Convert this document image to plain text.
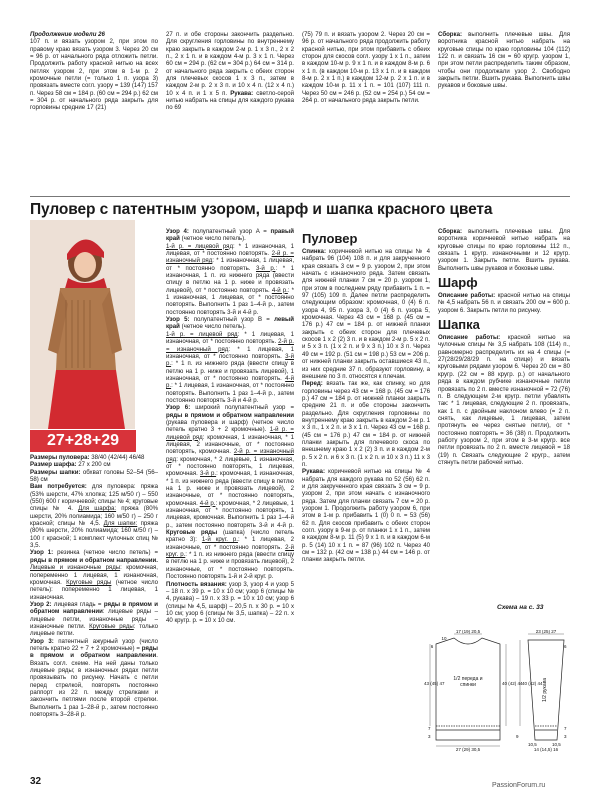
Продолжение модели 26

107 п. и вязать узором 2, при этом по правому краю вязать узором 3. Через 20 см = 96 р. от начального ряда отложить петли. Продолжить работу красной нитью на всех петлях узором 2, при этом в 1-м р. 2 кромочные петли (= только 1 п. узора 3) провязать вместе согл. узору = 139 (147) 157 п. Через 58 см = 184 р. (60 см = 294 р.) 62 см = 304 р. от начального ряда закрыть для горловины средние 17 (21)

27 п. и обе стороны закончить раздельно. Для скругления горловины по внутреннему краю закрыть в каждом 2-м р. 1 x 3 п., 2 x 2 п., 2 x 1 п. и в каждом 4-м р. 3 x 1 п. Через 60 см = 294 р. (62 см = 304 р.) 64 см = 314 р. от начального ряда закрыть с обеих сторон для плечевых скосов 1 x 3 п., затем в каждом 2-м р. 2 x 3 п. и 10 x 4 п. (12 x 4 п.) 10 x 4 п. и 1 x 5 п. Рукава: светло-серой нитью набрать на спицы для каждого рукава по 69

(75) 79 п. и вязать узором 2. Через 20 см = 96 р. от начального ряда продолжить работу красной нитью, при этом прибавить с обеих сторон для скосов согл. узору 1 x 1 п., затем в каждом 10-м р. 9 x 1 п. и в каждом 8-м р. 6 x 1 п. (в каждом 10-м р. 13 x 1 п. и в каждом 8-м р. 2 x 1 п.) в каждом 12-м р. 2 x 1 п. и в каждом 10-м р. 11 x 1 п. = 101 (107) 111 п. Через 50 см = 246 р. (52 см = 254 р.) 54 см = 264 р. от начального ряда закрыть петли.

Сборка: выполнить плечевые швы. Для воротника красной нитью набрать на круговые спицы по краю горловины 104 (112) 122 п. и связать 16 см = 60 кругр. узором 1, при этом петли распределить таким образом, чтобы они продолжали узор 2. Свободно закрыть петли. Вшить рукава. Выполнить швы рукавов и боковые швы.

Пуловер с патентным узором, шарф и шапка красного цвета
27+28+29

Размеры пуловера: 38/40 (42/44) 46/48

Размер шарфа: 27 x 200 см

Размеры шапки: обхват головы 52–54 (56–58) см

Вам потребуется: для пуловера: пряжа (53% шерсти, 47% хлопка; 125 м/50 г) – 550 (550) 600 г коричневой; спицы № 4; круговые спицы № 4. Для шарфа: пряжа (80% шерсти, 20% полиамида; 160 м/50 г) – 250 г красной; спицы № 4,5. Для шапки: пряжа (80% шерсти, 20% полиамида; 160 м/50 г) – 100 г красной; 1 комплект чулочных спиц № 3,5.

Узор 1: резинка (четное число петель) = ряды в прямом и обратном направлении. Лицевые и изнаночные ряды: кромочная, попеременно 1 лицевая, 1 изнаночная, кромочная. Круговые ряды (четное число петель): попеременно 1 лицевая, 1 изнаночная.

Узор 2: лицевая гладь = ряды в прямом и обратном направлении: лицевые ряды – лицевые петли, изнаночные ряды – изнаночные петли. Круговые ряды: только лицевые петли.

Узор 3: патентный ажурный узор (число петель кратно 22 + 7 + 2 кромочные) = ряды в прямом и обратном направлении. Вязать согл. схеме. На ней даны только лицевые ряды; в изнаночных рядах петли провязывать по рисунку. Начать с петли перед стрелкой, повторять постоянно раппорт из 22 п. между стрелками и закончить петлями после второй стрелки. Выполнить 1 раз 1–28-й р., затем постоянно повторять 3–28-й р.

Узор 4: полупатентный узор A = правый край (четное число петель).

1-й р. = лицевой ряд: * 1 изнаночная, 1 лицевая, от * постоянно повторять. 2-й р. = изнаночный ряд: * 1 изнаночная, 1 лицевая, от * постоянно повторять. 3-й р.: * 1 изнаночная, 1 п. из нижнего ряда (ввести спицу в петлю на 1 р. ниже и провязать лицевой), от * постоянно повторять. 4-й р.: * 1 изнаночная, 1 лицевая, от * постоянно повторять. Выполнить 1 раз 1–4-й р., затем постоянно повторять 3-й и 4-й р.

Узор 5: полупатентный узор B = левый край (четное число петель).

1-й р. = лицевой ряд: * 1 лицевая, 1 изнаночная, от * постоянно повторять. 2-й р. = изнаночный ряд: * 1 лицевая, 1 изнаночная, от * постоянно повторять. 3-й р.: * 1 п. из нижнего ряда (ввести спицу в петлю на 1 р. ниже и провязать лицевой), 1 изнаночная, от * постоянно повторять. 4-й р.: * 1 лицевая, 1 изнаночная, от * постоянно повторять. Выполнить 1 раз 1–4-й р., затем постоянно повторять 3-й и 4-й р.

Узор 6: широкий полупатентный узор = ряды в прямом и обратном направлении (рукава пуловера и шарф) (четное число петель кратно 3 + 2 кромочные). 1-й р. = лицевой ряд: кромочная, 1 изнаночная, * 1 лицевая, 2 изнаночные, от * постоянно повторять, кромочная. 2-й р. = изнаночный ряд: кромочная, * 2 лицевые, 1 изнаночная, от * постоянно повторять, 1 лицевая, кромочная. 3-й р.: кромочная, 1 изнаночная, * 1 п. из нижнего ряда (ввести спицу в петлю на 1 р. ниже и провязать лицевой), 2 изнаночные, от * постоянно повторять, кромочная. 4-й р.: кромочная, * 2 лицевые, 1 изнаночная, от * постоянно повторять, 1 лицевая, кромочная. Выполнить 1 раз 1–4-й р., затем постоянно повторять 3-й и 4-й р. Круговые ряды (шапка) (число петель кратно 3): 1-й круг. р.: * 1 лицевая, 2 изнаночные, от * постоянно повторять. 2-й круг. р.: * 1 п. из нижнего ряда (ввести спицу в петлю на 1 р. ниже и провязать лицевой), 2 изнаночные, от * постоянно повторять. Постоянно повторять 1-й и 2-й круг. р.

Плотность вязания: узор 3, узор 4 и узор 5 – 18 п. x 39 р. = 10 x 10 см; узор 6 (спицы № 4, рукава) – 19 п. x 33 р. = 10 x 10 см; узор 6 (спицы № 4,5, шарф) – 20,5 п. x 30 р. = 10 x 10 см; узор 6 (спицы № 3,5, шапка) – 22 п. x 40 кругр. р. = 10 x 10 см.

Пуловер

Спинка: коричневой нитью на спицы № 4 набрать 96 (104) 108 п. и для закрученного края связать 3 см = 9 р. узором 2, при этом начать с изнаночного ряда. Затем связать для нижней планки 7 см = 20 р. узором 1, при этом в последнем ряду прибавить 1 п. = 97 (105) 109 п. Далее петли распределить следующим образом: кромочная, 0 (4) 6 п. узора 4, 95 п. узора 3, 0 (4) 6 п. узора 5, кромочная. Через 43 см = 168 р. (45 см = 176 р.) 47 см = 184 р. от нижней планки закрыть с обеих сторон для плечевых скосов 1 x 2 (2) 3 п. и в каждом 2-м р. 5 x 2 п. и 5 x 3 п. (1 x 2 п. и 9 x 3 п.) 10 x 3 п. Через 49 см = 192 р. (51 см = 198 р.) 53 см = 206 р. от нижней планки закрыть оставшиеся 43 п., из них средние 37 п. образуют горловину, а внешние по 3 п. относятся к плечам.

Перед: вязать так же, как спинку, но для горловины через 43 см = 168 р. (45 см = 176 р.) 47 см = 184 р. от нижней планки закрыть средние 21 п. и обе стороны закончить раздельно. Для скругления горловины по внутреннему краю закрыть в каждом 2-м р. 1 x 3 п., 1 x 2 п. и 3 x 1 п. Через 43 см = 168 р. (45 см = 176 р.) 47 см = 184 р. от нижней планки закрыть для плечевого скоса по внешнему краю 1 x 2 (2) 3 п. и в каждом 2-м р. 5 x 2 п. и 6 x 3 п. (1 x 2 п. и 10 x 3 п.) 11 x 3 п.

Рукава: коричневой нитью на спицы № 4 набрать для каждого рукава по 52 (56) 62 п. и для закрученного края связать 3 см = 9 р. узором 2, при этом начать с изнаночного ряда. Затем для планки связать 7 см = 20 р. узором 1. Продолжить работу узором 6, при этом в 1-м р. прибавить 1 (0) 0 п. = 53 (56) 62 п. Для скосов прибавить с обеих сторон согл. узору в 9-м р. от планки 1 x 1 п., затем в каждом 8-м р. 11 (5) 9 x 1 п. и в каждом 6-м р. 5 (14) 10 x 1 п. = 87 (96) 102 п. Через 40 см = 132 р. (42 см = 138 р.) 44 см = 146 р. от планки закрыть петли.

Сборка: выполнить плечевые швы. Для воротника коричневой нитью набрать на круговые спицы по краю горловины 112 п., связать 1 кругр. изнаночными и 12 кругр. узором 1. Закрыть петли. Вшить рукава. Выполнить швы рукавов и боковые швы.

Шарф

Описание работы: красной нитью на спицы № 4,5 набрать 56 п. и связать 200 см = 600 р. узором 6. Закрыть петли по рисунку.

Шапка

Описание работы: красной нитью на чулочные спицы № 3,5 набрать 108 (114) п., равномерно распределить их на 4 спицы (= 27(28/29/28/29 п. на спице) и вязать круговыми рядами узором 6. Через 20 см = 80 кругр. (22 см = 88 кругр. р.) от начального ряда в каждом рубчике изнаночные петли провязать по 2 п. вместе изнаночной = 72 (76) п. В следующем 2-м кругр. петли убавлять так: * 1 лицевая, следующие 2 п. провязать, как 1 п. с двойным наклоном влево (= 2 п. снять, как лицевые, 1 лицевая, затем протянуть ее через снятые петли), от * постоянно повторять = 36 (38) п. Продолжить работу узором 2, при этом в 3-м кругр. все петли провязать по 2 п. вместе лицевой = 18 (19) п. Связать следующие 2 кругр., затем стянуть петли рабочей нитью.

Схема на с. 33
17 (19) 20,5
10
6
23 (25) 27
43 (45) 47	40 (42) 44 40 (42) 44
7
3
7
3
6
27 (29) 30,5	14 (14,5) 16
9
10,5	10,5
1/2 переда и спинки	1/2 рукава
32	PassionForum.ru
